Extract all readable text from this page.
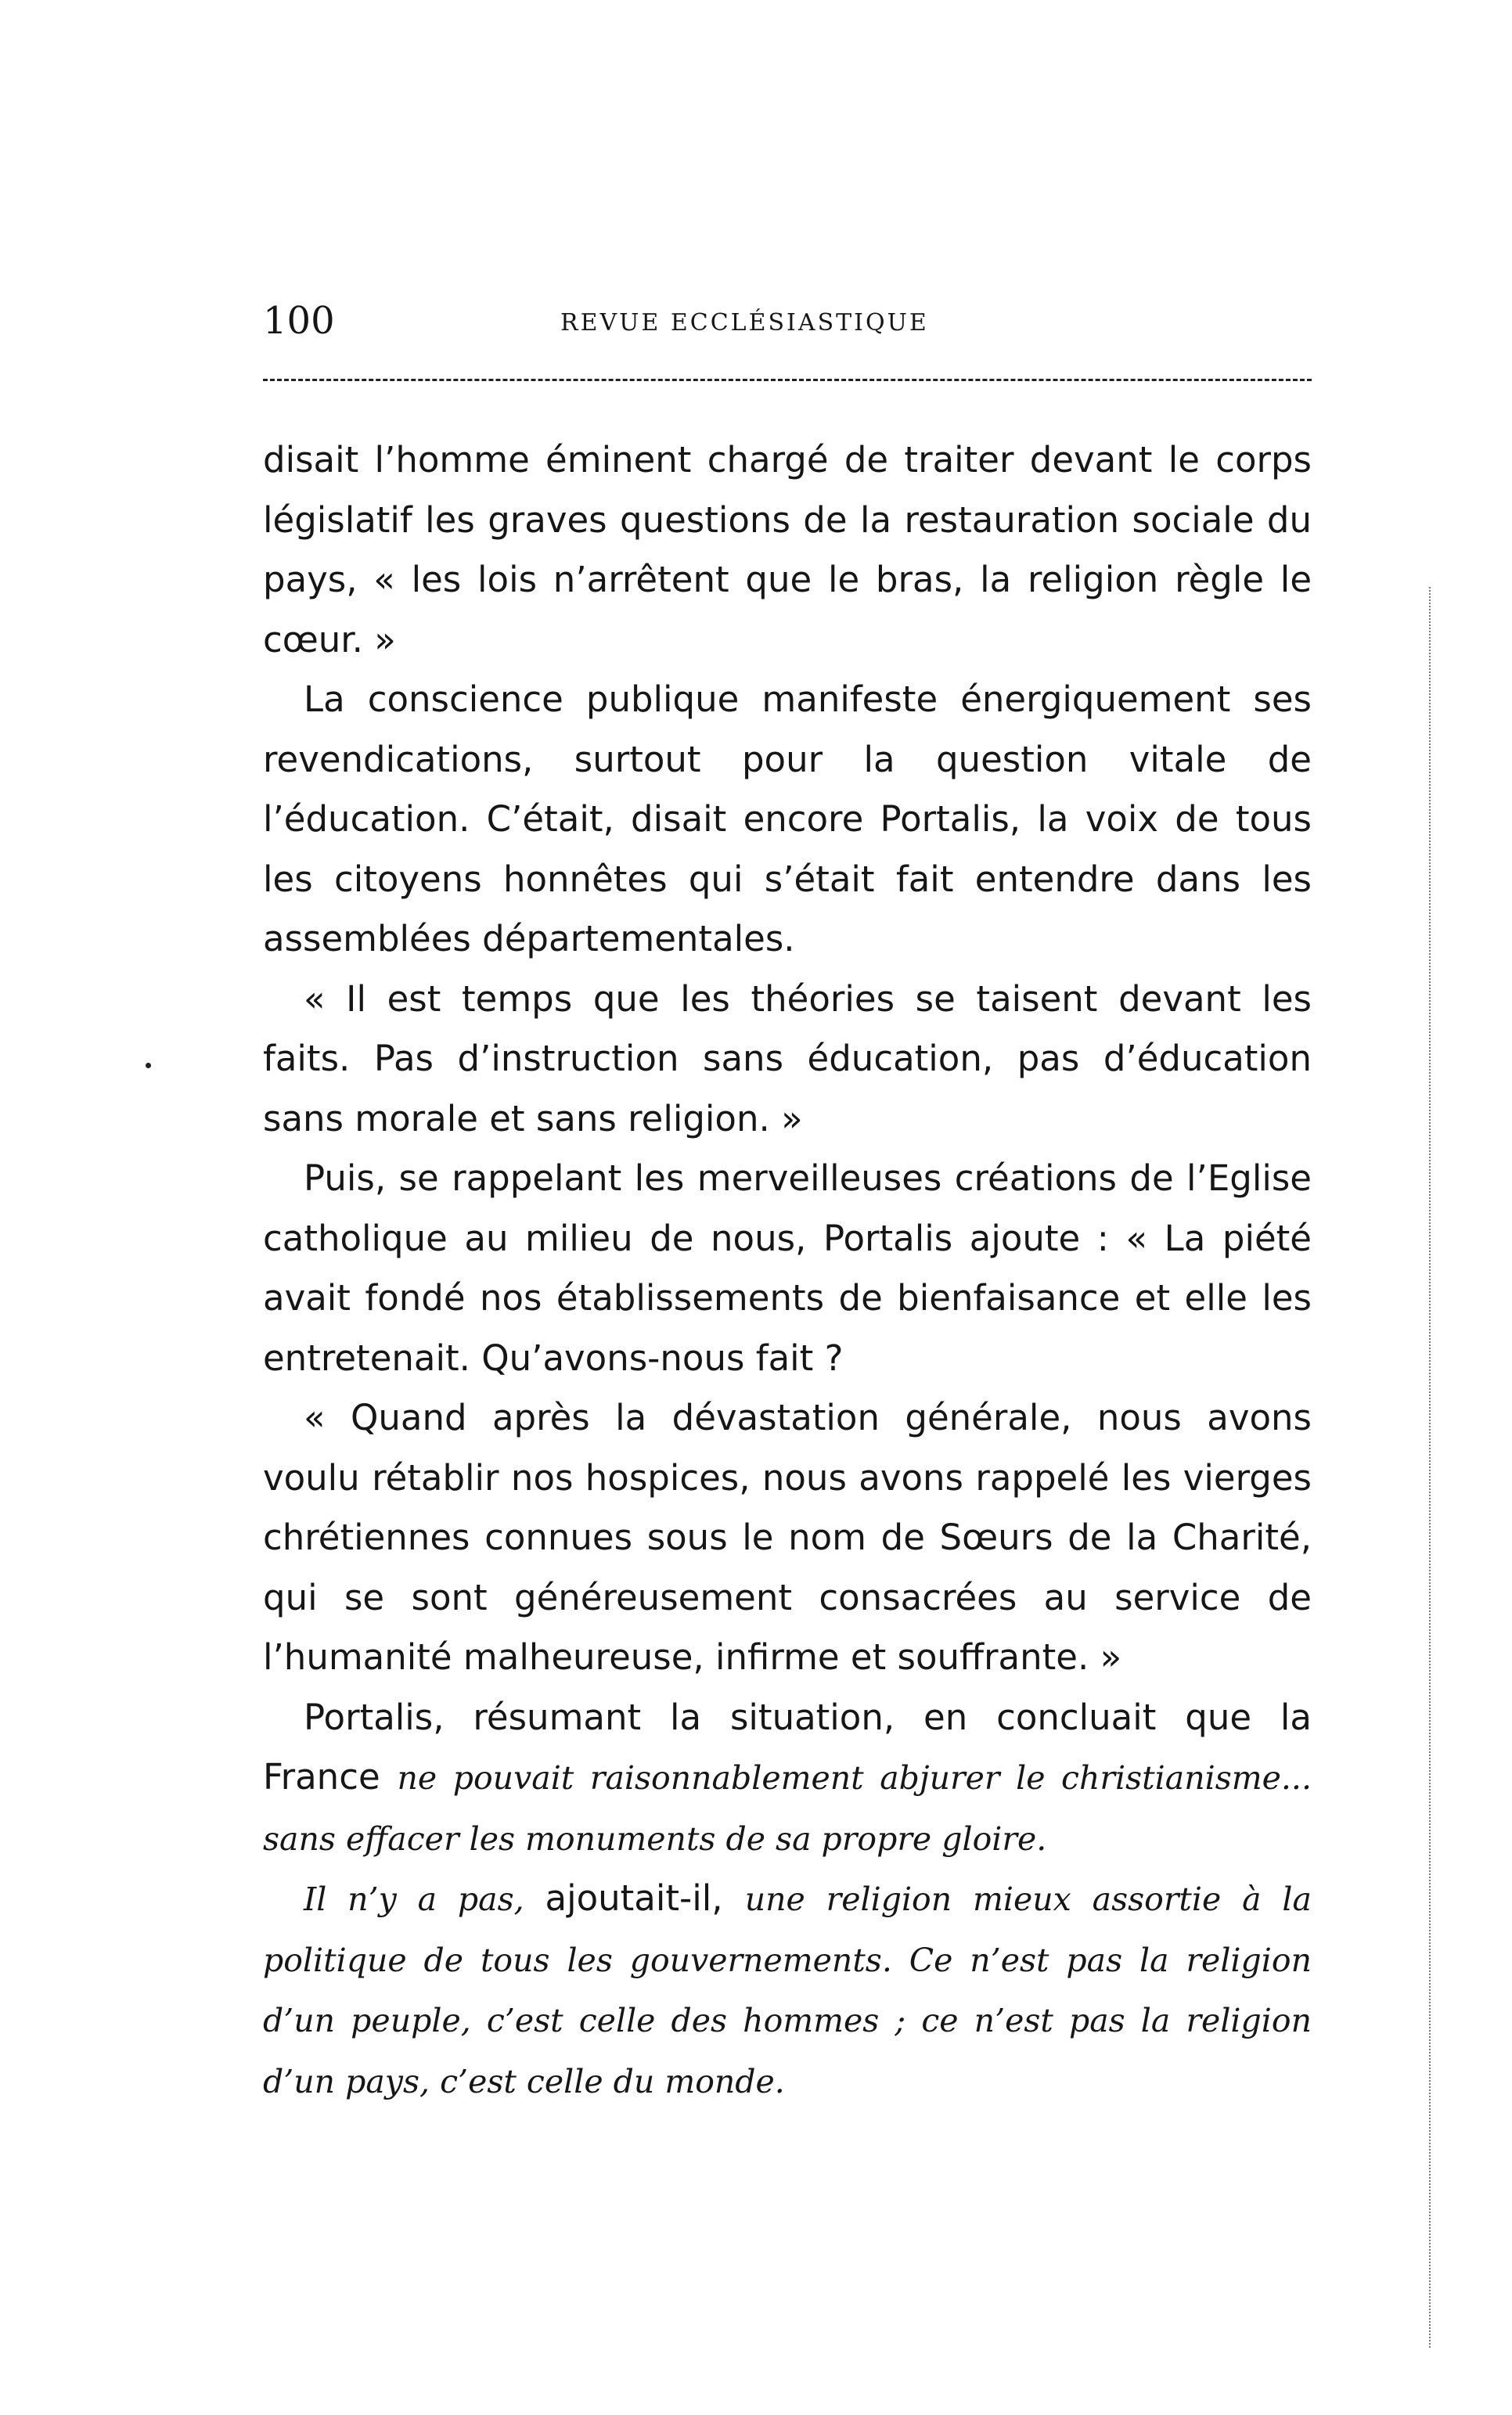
100	REVUE ECCLÉSIASTIQUE

disait l’homme éminent chargé de traiter devant le corps législatif les graves questions de la restauration sociale du pays, « les lois n’arrêtent que le bras, la religion règle le cœur. »

La conscience publique manifeste énergiquement ses revendications, surtout pour la question vitale de l’éducation. C’était, disait encore Portalis, la voix de tous les citoyens honnêtes qui s’était fait entendre dans les assemblées départementales.

« Il est temps que les théories se taisent devant les faits. Pas d’instruction sans éducation, pas d’éducation sans morale et sans religion. »

Puis, se rappelant les merveilleuses créations de l’Eglise catholique au milieu de nous, Portalis ajoute : « La piété avait fondé nos établissements de bienfaisance et elle les entretenait. Qu’avons-nous fait ?

« Quand après la dévastation générale, nous avons voulu rétablir nos hospices, nous avons rappelé les vierges chrétiennes connues sous le nom de Sœurs de la Charité, qui se sont généreusement consacrées au service de l’humanité malheureuse, infirme et souffrante. »

Portalis, résumant la situation, en concluait que la France ne pouvait raisonnablement abjurer le christianisme... sans effacer les monuments de sa propre gloire.

Il n’y a pas, ajoutait-il, une religion mieux assortie à la politique de tous les gouvernements. Ce n’est pas la religion d’un peuple, c’est celle des hommes ; ce n’est pas la religion d’un pays, c’est celle du monde.
